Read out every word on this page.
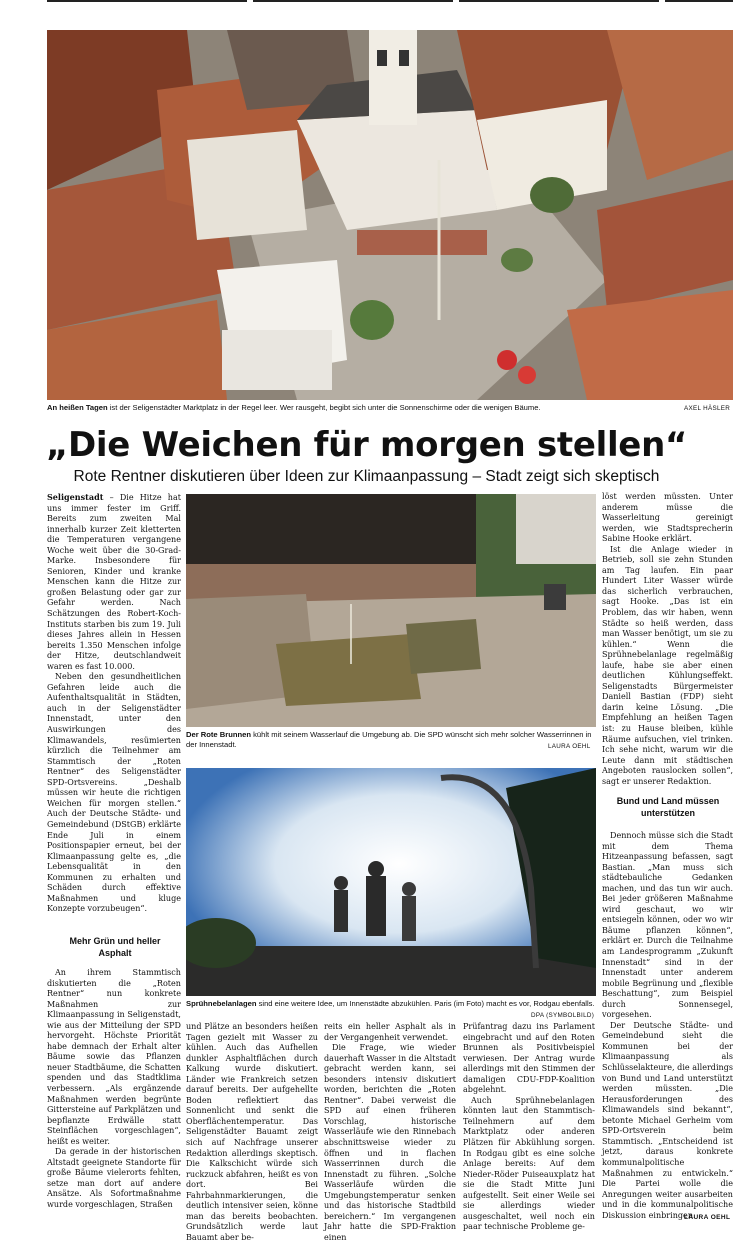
An heißen Tagen ist der Seligenstädter Marktplatz in der Regel leer. Wer rausgeht, begibt sich unter die Sonnenschirme oder die wenigen Bäume.	AXEL HÄSLER
„Die Weichen für morgen stellen“
Rote Rentner diskutieren über Ideen zur Klimaanpassung – Stadt zeigt sich skeptisch

Seligenstadt – Die Hitze hat uns immer fester im Griff. Bereits zum zweiten Mal innerhalb kurzer Zeit kletterten die Temperaturen vergangene Woche weit über die 30-Grad-Marke. Insbesondere für Senioren, Kinder und kranke Menschen kann die Hitze zur großen Belastung oder gar zur Gefahr werden. Nach Schätzungen des Robert-Koch-Instituts starben bis zum 19. Juli dieses Jahres allein in Hessen bereits 1.350 Menschen infolge der Hitze, deutschlandweit waren es fast 10.000.

Neben den gesundheitlichen Gefahren leide auch die Aufenthaltsqualität in Städten, auch in der Seligenstädter Innenstadt, unter den Auswirkungen des Klimawandels, resümierten kürzlich die Teilnehmer am Stammtisch der „Roten Rentner“ des Seligenstädter SPD-Ortsvereins. „Deshalb müssen wir heute die richtigen Weichen für morgen stellen.“ Auch der Deutsche Städte- und Gemeindebund (DStGB) erklärte Ende Juli in einem Positionspapier erneut, bei der Klimaanpassung gelte es, „die Lebensqualität in den Kommunen zu erhalten und Schäden durch effektive Maßnahmen und kluge Konzepte vorzubeugen“.

Mehr Grün und heller Asphalt

An ihrem Stammtisch diskutierten die „Roten Rentner“ nun konkrete Maßnahmen zur Klimaanpassung in Seligenstadt, wie aus der Mitteilung der SPD hervorgeht. Höchste Priorität habe demnach der Erhalt alter Bäume sowie das Pflanzen neuer Stadtbäume, die Schatten spenden und das Stadtklima verbessern. „Als ergänzende Maßnahmen werden begrünte Gittersteine auf Parkplätzen und bepflanzte Erdwälle statt Steinflächen vorgeschlagen“, heißt es weiter.

Da gerade in der historischen Altstadt geeignete Standorte für große Bäume vielerorts fehlten, setze man dort auf andere Ansätze. Als Sofortmaßnahme wurde vorgeschlagen, Straßen

Der Rote Brunnen kühlt mit seinem Wasserlauf die Umgebung ab. Die SPD wünscht sich mehr solcher Wasserrinnen in der Innenstadt.	LAURA OEHL
Sprühnebelanlagen sind eine weitere Idee, um Innenstädte abzukühlen. Paris (im Foto) macht es vor, Rodgau ebenfalls.
DPA (SYMBOLBILD)

und Plätze an besonders heißen Tagen gezielt mit Wasser zu kühlen. Auch das Aufhellen dunkler Asphaltflächen durch Kalkung wurde diskutiert. Länder wie Frankreich setzen darauf bereits. Der aufgehellte Boden reflektiert das Sonnenlicht und senkt die Oberflächentemperatur. Das Seligenstädter Bauamt zeigt sich auf Nachfrage unserer Redaktion allerdings skeptisch. Die Kalkschicht würde sich ruckzuck abfahren, heißt es von dort. Bei Fahrbahnmarkierungen, die deutlich intensiver seien, könne man das bereits beobachten. Grundsätzlich werde laut Bauamt aber be-

reits ein heller Asphalt als in der Vergangenheit verwendet.

Die Frage, wie wieder dauerhaft Wasser in die Altstadt gebracht werden kann, sei besonders intensiv diskutiert worden, berichten die „Roten Rentner“. Dabei verweist die SPD auf einen früheren Vorschlag, historische Wasserläufe wie den Rinnebach abschnittsweise wieder zu öffnen und in flachen Wasserrinnen durch die Innenstadt zu führen. „Solche Wasserläufe würden die Umgebungstemperatur senken und das historische Stadtbild bereichern.“ Im vergangenen Jahr hatte die SPD-Fraktion einen

Prüfantrag dazu ins Parlament eingebracht und auf den Roten Brunnen als Positivbeispiel verwiesen. Der Antrag wurde allerdings mit den Stimmen der damaligen CDU-FDP-Koalition abgelehnt.

Auch Sprühnebelanlagen könnten laut den Stammtisch-Teilnehmern auf dem Marktplatz oder anderen Plätzen für Abkühlung sorgen. In Rodgau gibt es eine solche Anlage bereits: Auf dem Nieder-Röder Puiseauxplatz hat sie die Stadt Mitte Juni aufgestellt. Seit einer Weile sei sie allerdings wieder ausgeschaltet, weil noch ein paar technische Probleme ge-

löst werden müssten. Unter anderem müsse die Wasserleitung gereinigt werden, wie Stadtsprecherin Sabine Hooke erklärt.

Ist die Anlage wieder in Betrieb, soll sie zehn Stunden am Tag laufen. Ein paar Hundert Liter Wasser würde das sicherlich verbrauchen, sagt Hooke. „Das ist ein Problem, das wir haben, wenn Städte so heiß werden, dass man Wasser benötigt, um sie zu kühlen.“ Wenn die Sprühnebelanlage regelmäßig laufe, habe sie aber einen deutlichen Kühlungseffekt. Seligenstadts Bürgermeister Daniell Bastian (FDP) sieht darin keine Lösung. „Die Empfehlung an heißen Tagen ist: zu Hause bleiben, kühle Räume aufsuchen, viel trinken. Ich sehe nicht, warum wir die Leute dann mit städtischen Angeboten rauslocken sollen“, sagt er unserer Redaktion.

Bund und Land müssen unterstützen

Dennoch müsse sich die Stadt mit dem Thema Hitzeanpassung befassen, sagt Bastian. „Man muss sich städtebauliche Gedanken machen, und das tun wir auch. Bei jeder größeren Maßnahme wird geschaut, wo wir entsiegeln können, oder wo wir Bäume pflanzen können“, erklärt er. Durch die Teilnahme am Landesprogramm „Zukunft Innenstadt“ sind in der Innenstadt unter anderem mobile Begrünung und „flexible Beschattung“, zum Beispiel durch Sonnensegel, vorgesehen.

Der Deutsche Städte- und Gemeindebund sieht die Kommunen bei der Klimaanpassung als Schlüsselakteure, die allerdings von Bund und Land unterstützt werden müssten. „Die Herausforderungen des Klimawandels sind bekannt“, betonte Michael Gerheim vom SPD-Ortsverein beim Stammtisch. „Entscheidend ist jetzt, daraus konkrete kommunalpolitische Maßnahmen zu entwickeln.“ Die Partei wolle die Anregungen weiter ausarbeiten und in die kommunalpolitische Diskussion einbringen.

LAURA OEHL
